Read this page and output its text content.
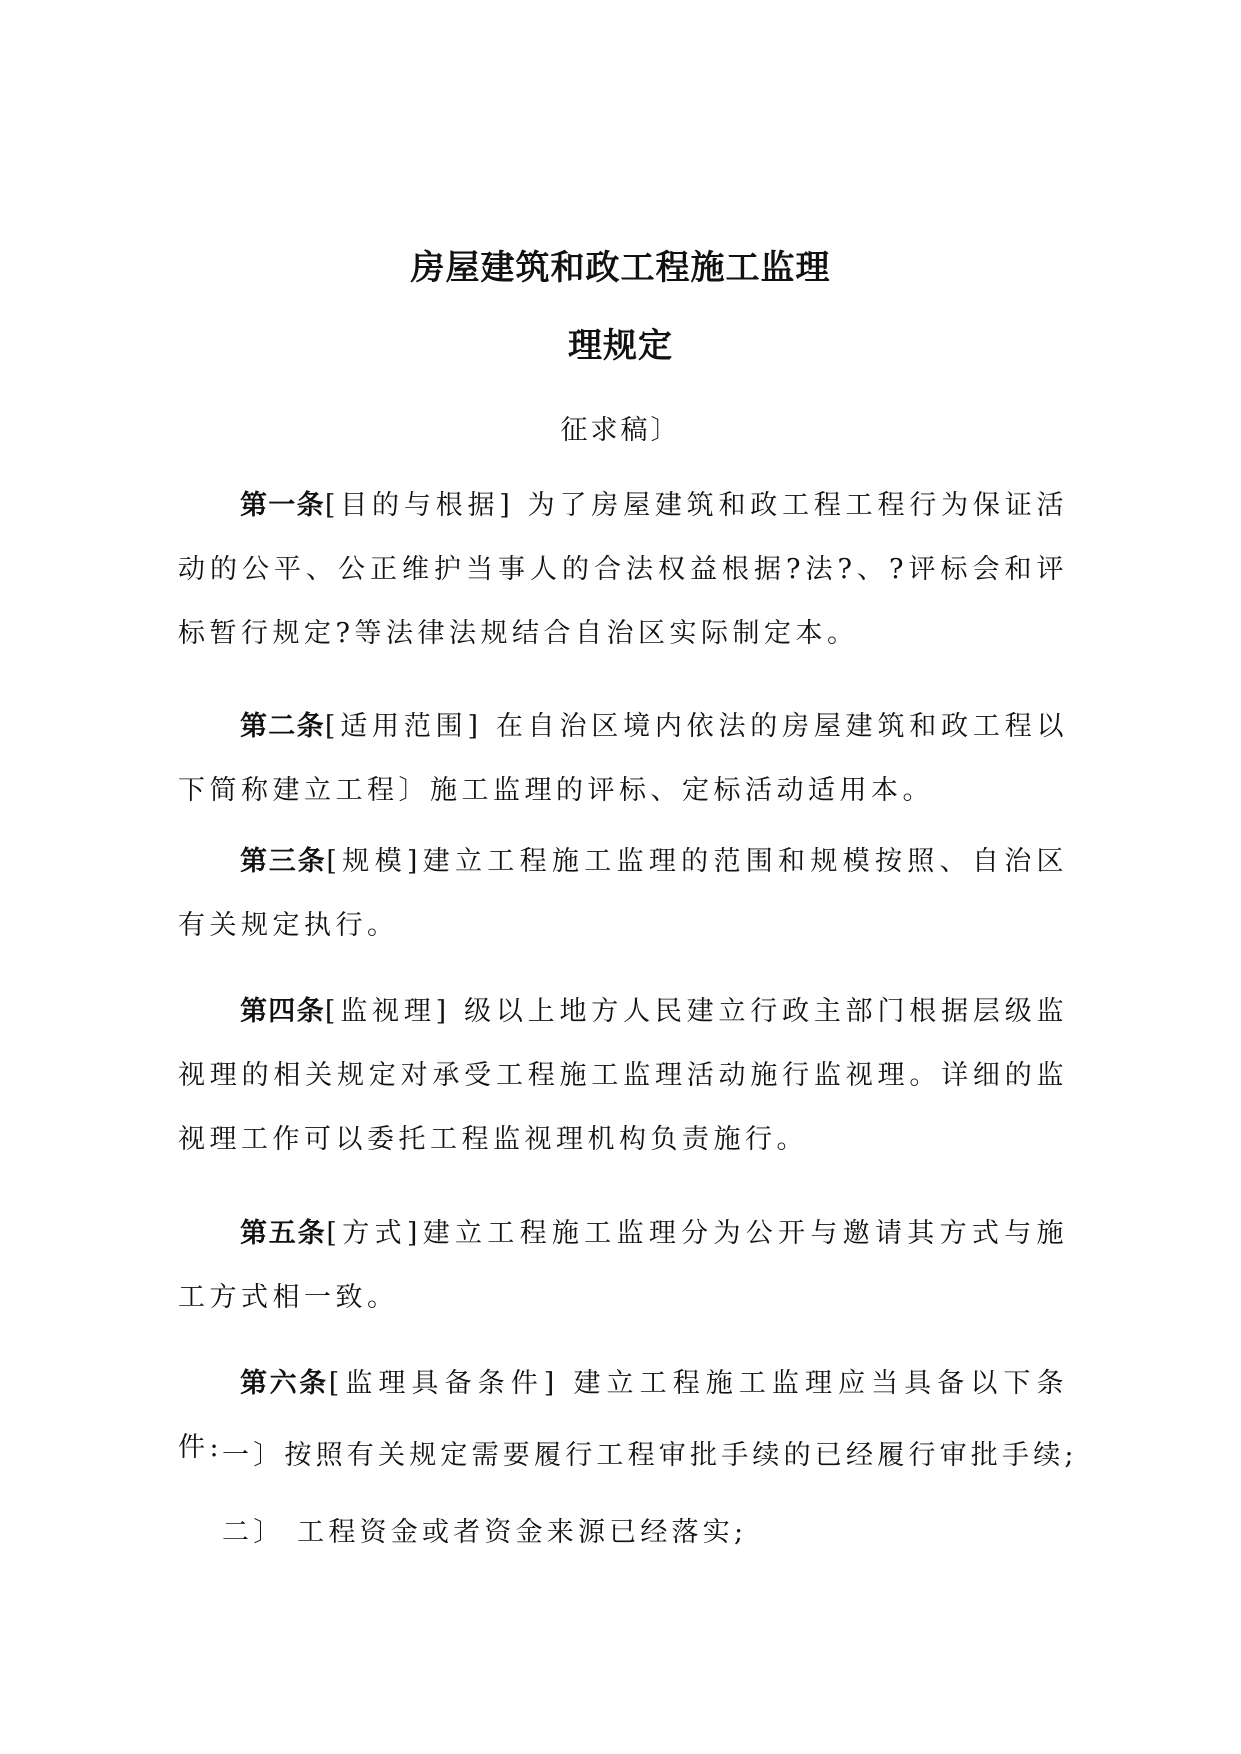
房屋建筑和政工程施工监理
理规定
征求稿〕

第一条[目的与根据] 为了房屋建筑和政工程工程行为保证活动的公平、公正维护当事人的合法权益根据?法?、?评标会和评标暂行规定?等法律法规结合自治区实际制定本。

第二条[适用范围] 在自治区境内依法的房屋建筑和政工程以下简称建立工程〕施工监理的评标、定标活动适用本。

第三条[规模]建立工程施工监理的范围和规模按照、自治区有关规定执行。

第四条[监视理] 级以上地方人民建立行政主部门根据层级监视理的相关规定对承受工程施工监理活动施行监视理。详细的监视理工作可以委托工程监视理机构负责施行。

第五条[方式]建立工程施工监理分为公开与邀请其方式与施工方式相一致。

第六条[监理具备条件] 建立工程施工监理应当具备以下条件:

一〕按照有关规定需要履行工程审批手续的已经履行审批手续;

二〕 工程资金或者资金来源已经落实;
